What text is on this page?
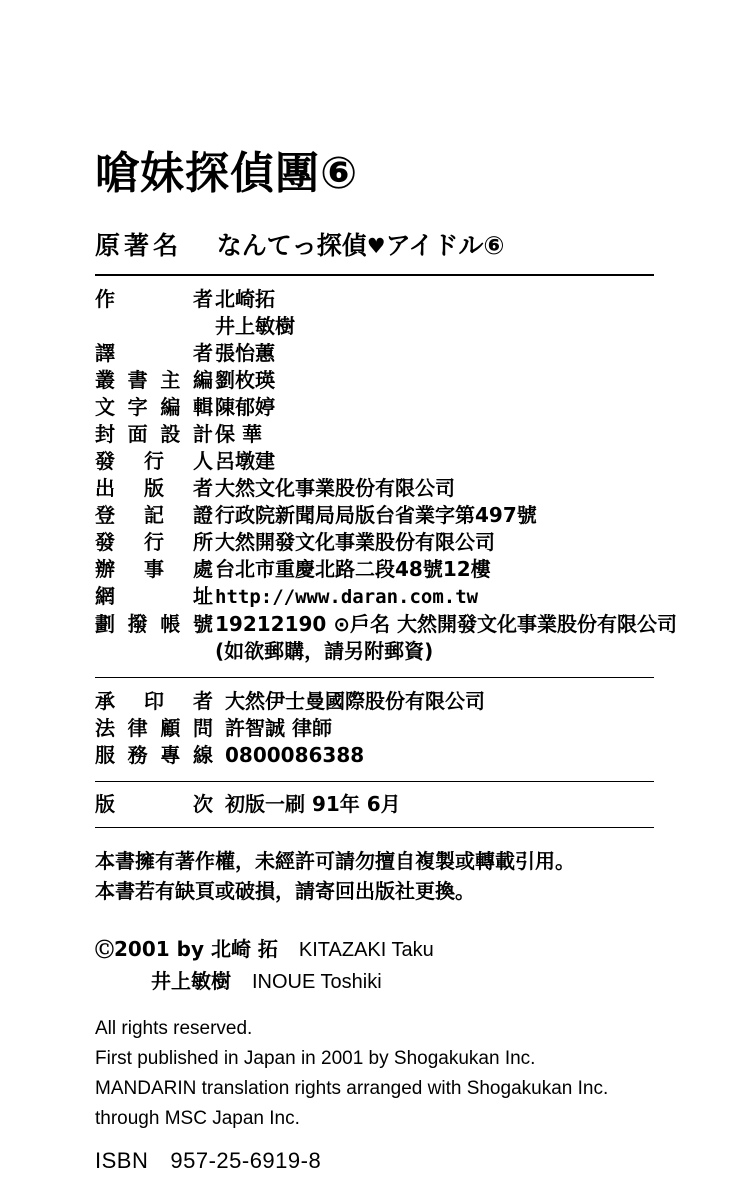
嗆妹探偵團⑥
原著名 なんてっ探偵♥アイドル⑥
作 者	北崎拓
井上敏樹

譯 者	張怡蕙
叢書主編	劉枚瑛
文字編輯	陳郁婷
封面設計	保 華
發 行 人	呂墩建
出 版 者	大然文化事業股份有限公司
登 記 證	行政院新聞局局版台省業字第497號
發 行 所	大然開發文化事業股份有限公司
辦 事 處	台北市重慶北路二段48號12樓
網 址	http://www.daran.com.tw
劃撥帳號	19212190 ⊙戶名 大然開發文化事業股份有限公司
(如欲郵購，請另附郵資)
承 印 者	大然伊士曼國際股份有限公司
法律顧問	許智誠 律師
服務專線	0800086388
版 次	初版一刷 91年 6月
本書擁有著作權，未經許可請勿擅自複製或轉載引用。
本書若有缺頁或破損，請寄回出版社更換。
Ⓒ2001 by 北崎 拓 KITAZAKI Taku
井上敏樹 INOUE Toshiki
All rights reserved.
First published in Japan in 2001 by Shogakukan Inc.
MANDARIN translation rights arranged with Shogakukan Inc.
through MSC Japan Inc.
ISBN 957-25-6919-8
